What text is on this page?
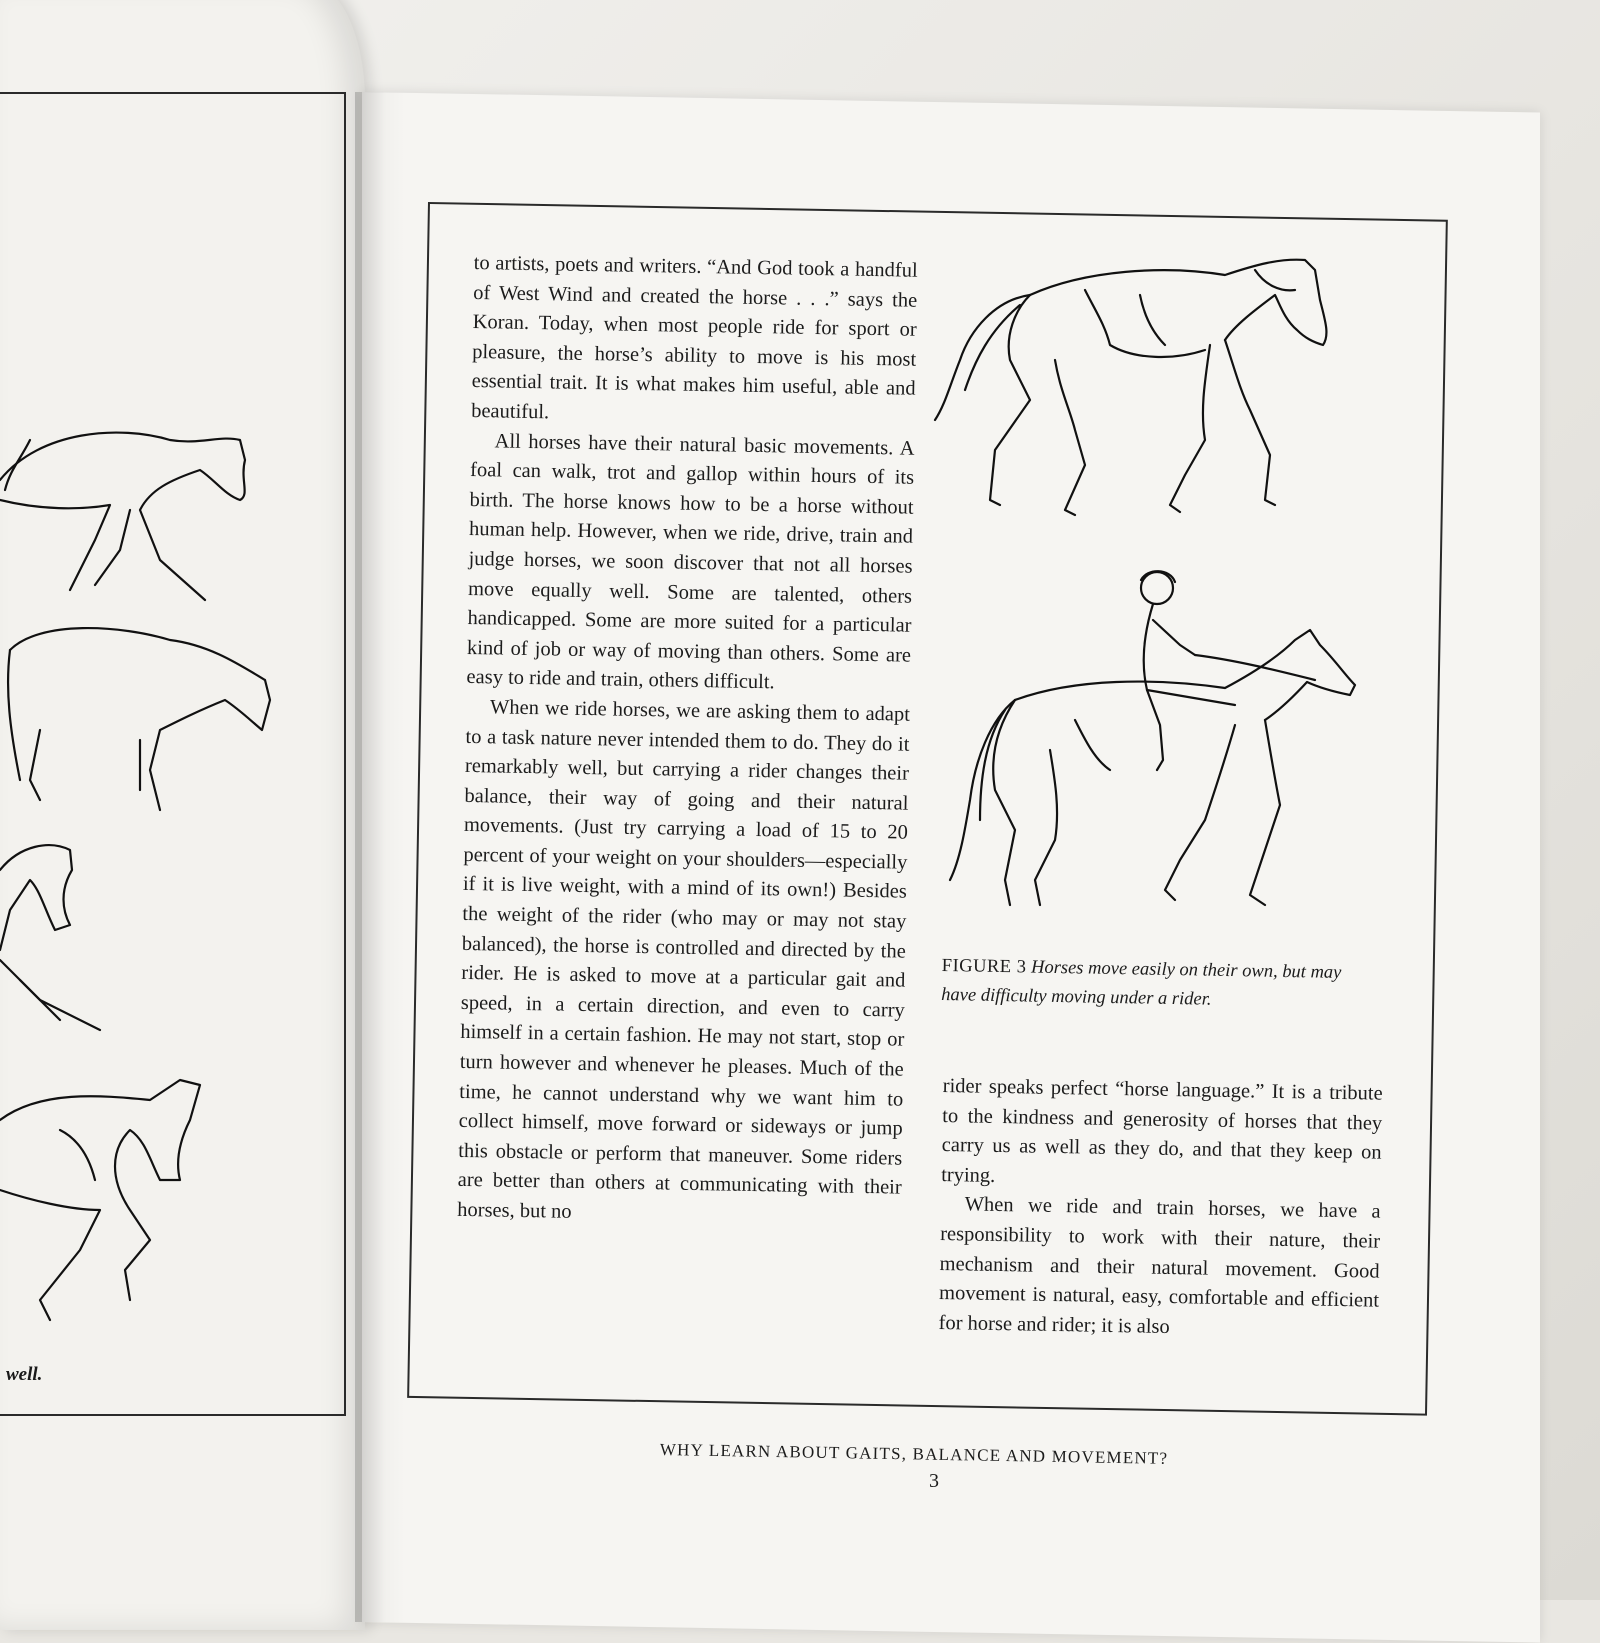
well.

to artists, poets and writers. “And God took a handful of West Wind and created the horse . . .” says the Koran. Today, when most people ride for sport or pleasure, the horse’s ability to move is his most essential trait. It is what makes him useful, able and beautiful.

All horses have their natural basic movements. A foal can walk, trot and gallop within hours of its birth. The horse knows how to be a horse without human help. However, when we ride, drive, train and judge horses, we soon discover that not all horses move equally well. Some are talented, others handicapped. Some are more suited for a particular kind of job or way of moving than others. Some are easy to ride and train, others difficult.

When we ride horses, we are asking them to adapt to a task nature never intended them to do. They do it remarkably well, but carrying a rider changes their balance, their way of going and their natural movements. (Just try carrying a load of 15 to 20 percent of your weight on your shoulders—especially if it is live weight, with a mind of its own!) Besides the weight of the rider (who may or may not stay balanced), the horse is controlled and directed by the rider. He is asked to move at a particular gait and speed, in a certain direction, and even to carry himself in a certain fashion. He may not start, stop or turn however and whenever he pleases. Much of the time, he cannot understand why we want him to collect himself, move forward or sideways or jump this obstacle or perform that maneuver. Some riders are better than others at communicating with their horses, but no

FIGURE 3 Horses move easily on their own, but may have difficulty moving under a rider.

rider speaks perfect “horse language.” It is a tribute to the kindness and generosity of horses that they carry us as well as they do, and that they keep on trying.

When we ride and train horses, we have a responsibility to work with their nature, their mechanism and their natural movement. Good movement is natural, easy, comfortable and efficient for horse and rider; it is also

WHY LEARN ABOUT GAITS, BALANCE AND MOVEMENT?
3
